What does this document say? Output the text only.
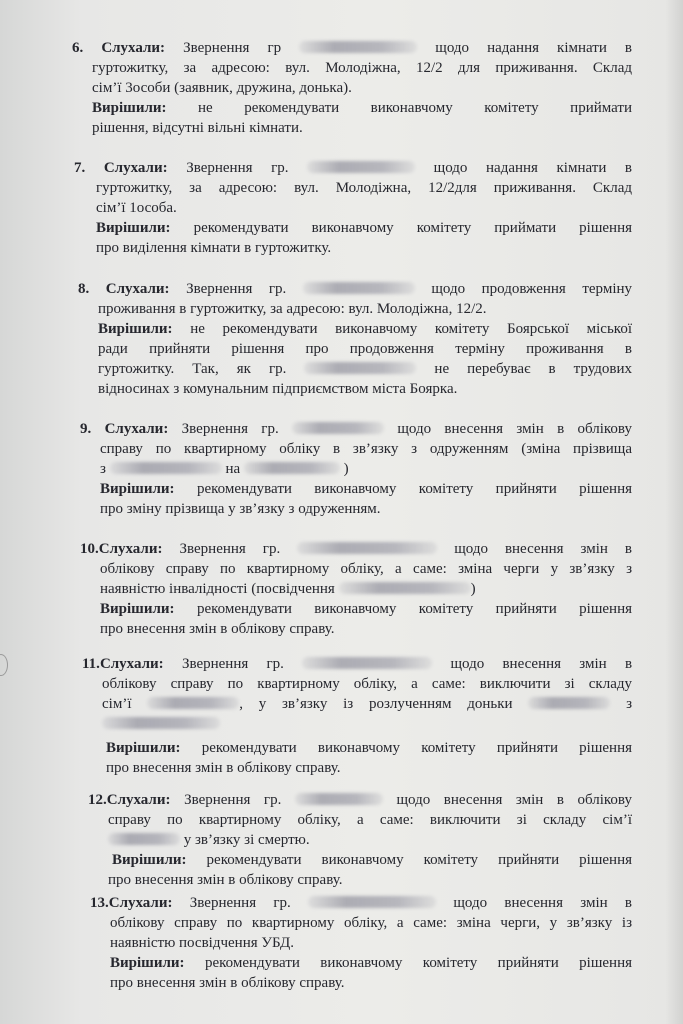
6. Слухали: Звернення гр	щодо надання кімнати в
гуртожитку, за адресою: вул. Молодіжна, 12/2 для приживання. Склад
сім’ї 3особи (заявник, дружина, донька).
Вирішили: не рекомендувати виконавчому комітету приймати
рішення, відсутні вільні кімнати.
7. Слухали: Звернення гр.	щодо надання кімнати в
гуртожитку, за адресою: вул. Молодіжна, 12/2для приживання. Склад
сім’ї 1особа.
Вирішили: рекомендувати виконавчому комітету приймати рішення
про виділення кімнати в гуртожитку.
8. Слухали: Звернення гр.	щодо продовження терміну
проживання в гуртожитку, за адресою: вул. Молодіжна, 12/2.
Вирішили: не рекомендувати виконавчому комітету Боярської міської
ради прийняти рішення про продовження терміну проживання в
гуртожитку. Так, як гр.	не перебуває в трудових
відносинах з комунальним підприємством міста Боярка.
9. Слухали: Звернення гр.	щодо внесення змін в облікову
справу по квартирному обліку в зв’язку з одруженням (зміна прізвища
з	на	)
Вирішили: рекомендувати виконавчому комітету прийняти рішення
про зміну прізвища у зв’язку з одруженням.
10.Слухали: Звернення гр.	щодо внесення змін в
облікову справу по квартирному обліку, а саме: зміна черги у зв’язку з
наявністю інвалідності (посвідчення	)
Вирішили: рекомендувати виконавчому комітету прийняти рішення
про внесення змін в облікову справу.
11.Слухали: Звернення гр.	щодо внесення змін в
облікову справу по квартирному обліку, а саме: виключити зі складу
сім’ї	, у зв’язку із розлученням доньки	з
Вирішили: рекомендувати виконавчому комітету прийняти рішення
про внесення змін в облікову справу.
12.Слухали: Звернення гр.	щодо внесення змін в облікову
справу по квартирному обліку, а саме: виключити зі складу сім’ї
у зв’язку зі смертю.
Вирішили: рекомендувати виконавчому комітету прийняти рішення
про внесення змін в облікову справу.
13.Слухали: Звернення гр.	щодо внесення змін в
облікову справу по квартирному обліку, а саме: зміна черги, у зв’язку із
наявністю посвідчення УБД.
Вирішили: рекомендувати виконавчому комітету прийняти рішення
про внесення змін в облікову справу.
